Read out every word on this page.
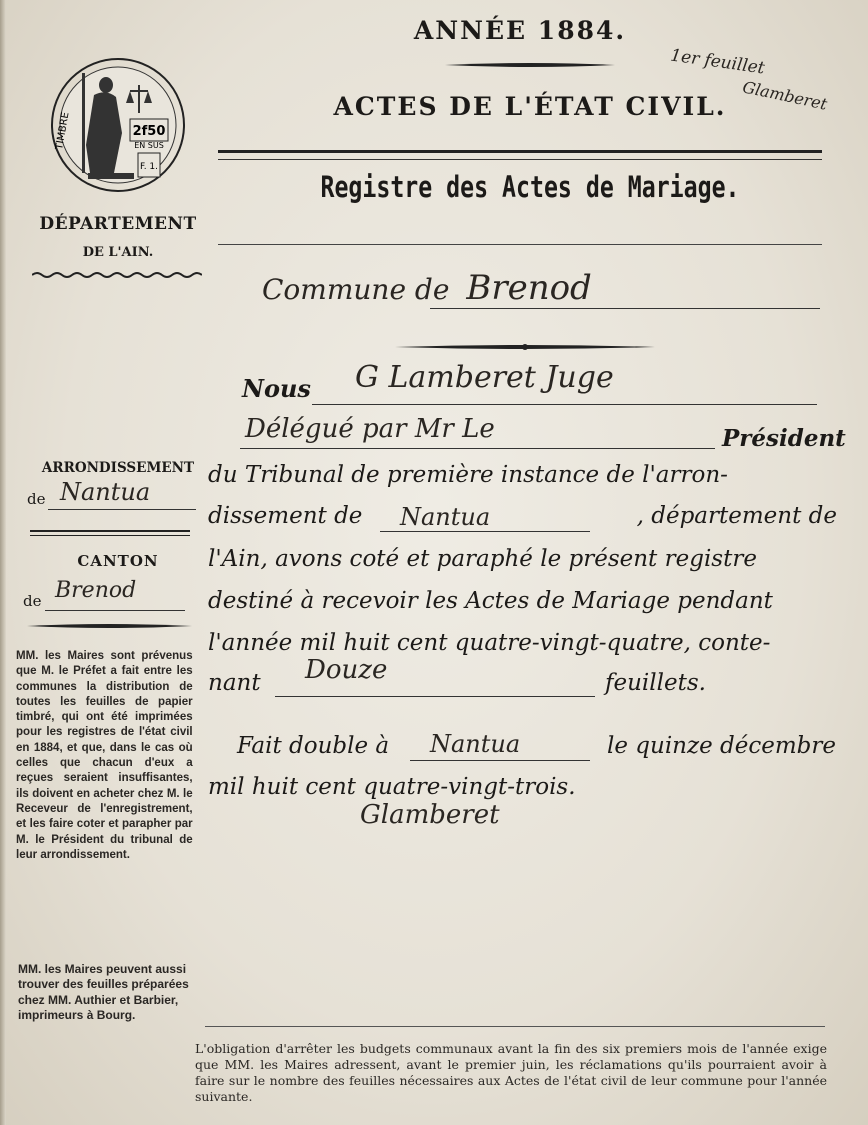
2f50
EN SUS
F. 1.
TIMBRE
ANNÉE 1884.
ACTES DE L'ÉTAT CIVIL.
Registre des Actes de Mariage.
1er feuillet
Glamberet
Commune de Brenod
DÉPARTEMENT
DE L'AIN.
ARRONDISSEMENT
de Nantua
CANTON
de Brenod
MM. les Maires sont prévenus que M. le Préfet a fait entre les communes la distribution de toutes les feuilles de papier timbré, qui ont été imprimées pour les registres de l'état civil en 1884, et que, dans le cas où celles que chacun d'eux a reçues seraient insuffisantes, ils doivent en acheter chez M. le Receveur de l'enregistrement, et les faire coter et parapher par M. le Président du tribunal de leur arrondissement.
MM. les Maires peuvent aussi trouver des feuilles préparées chez MM. Authier et Barbier, imprimeurs à Bourg.
Nous G Lamberet Juge
Délégué par Mr Le	Président
du Tribunal de première instance de l'arron-
dissement de Nantua	, département de
l'Ain, avons coté et paraphé le présent registre
destiné à recevoir les Actes de Mariage pendant
l'année mil huit cent quatre-vingt-quatre, conte-
nant Douze	feuillets.
Fait double à Nantua	le quinze décembre
mil huit cent quatre-vingt-trois.
Glamberet
L'obligation d'arrêter les budgets communaux avant la fin des six premiers mois de l'année exige que MM. les Maires adressent, avant le premier juin, les réclamations qu'ils pourraient avoir à faire sur le nombre des feuilles nécessaires aux Actes de l'état civil de leur commune pour l'année suivante.
